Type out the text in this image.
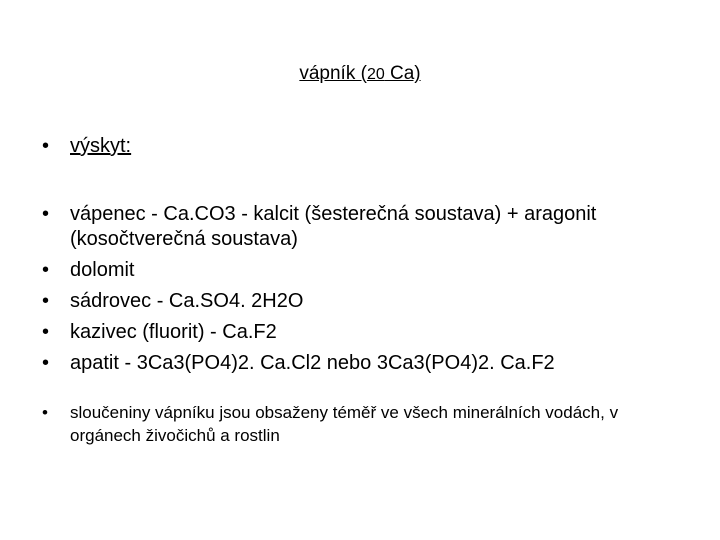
vápník (20 Ca)
• výskyt:
• vápenec - Ca.CO3 - kalcit (šesterečná soustava) + aragonit (kosočtverečná soustava)
• dolomit
• sádrovec - Ca.SO4. 2H2O
• kazivec (fluorit) - Ca.F2
• apatit - 3Ca3(PO4)2. Ca.Cl2 nebo 3Ca3(PO4)2. Ca.F2
• sloučeniny vápníku jsou obsaženy téměř ve všech minerálních vodách, v orgánech živočichů a rostlin
